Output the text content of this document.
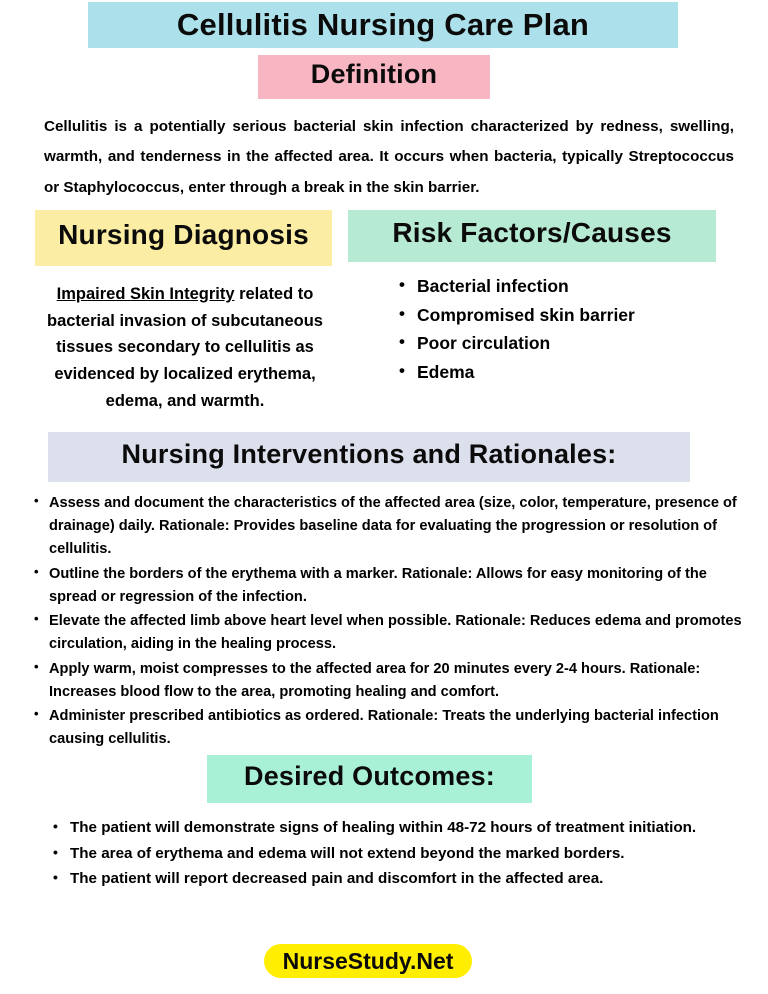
Cellulitis Nursing Care Plan
Definition
Cellulitis is a potentially serious bacterial skin infection characterized by redness, swelling, warmth, and tenderness in the affected area. It occurs when bacteria, typically Streptococcus or Staphylococcus, enter through a break in the skin barrier.
Nursing Diagnosis
Impaired Skin Integrity related to bacterial invasion of subcutaneous tissues secondary to cellulitis as evidenced by localized erythema, edema, and warmth.
Risk Factors/Causes
• Bacterial infection
• Compromised skin barrier
• Poor circulation
• Edema
Nursing Interventions and Rationales:
• Assess and document the characteristics of the affected area (size, color, temperature, presence of drainage) daily. Rationale: Provides baseline data for evaluating the progression or resolution of cellulitis.
• Outline the borders of the erythema with a marker. Rationale: Allows for easy monitoring of the spread or regression of the infection.
• Elevate the affected limb above heart level when possible. Rationale: Reduces edema and promotes circulation, aiding in the healing process.
• Apply warm, moist compresses to the affected area for 20 minutes every 2-4 hours. Rationale: Increases blood flow to the area, promoting healing and comfort.
• Administer prescribed antibiotics as ordered. Rationale: Treats the underlying bacterial infection causing cellulitis.
Desired Outcomes:
• The patient will demonstrate signs of healing within 48-72 hours of treatment initiation.
• The area of erythema and edema will not extend beyond the marked borders.
• The patient will report decreased pain and discomfort in the affected area.
NurseStudy.Net
